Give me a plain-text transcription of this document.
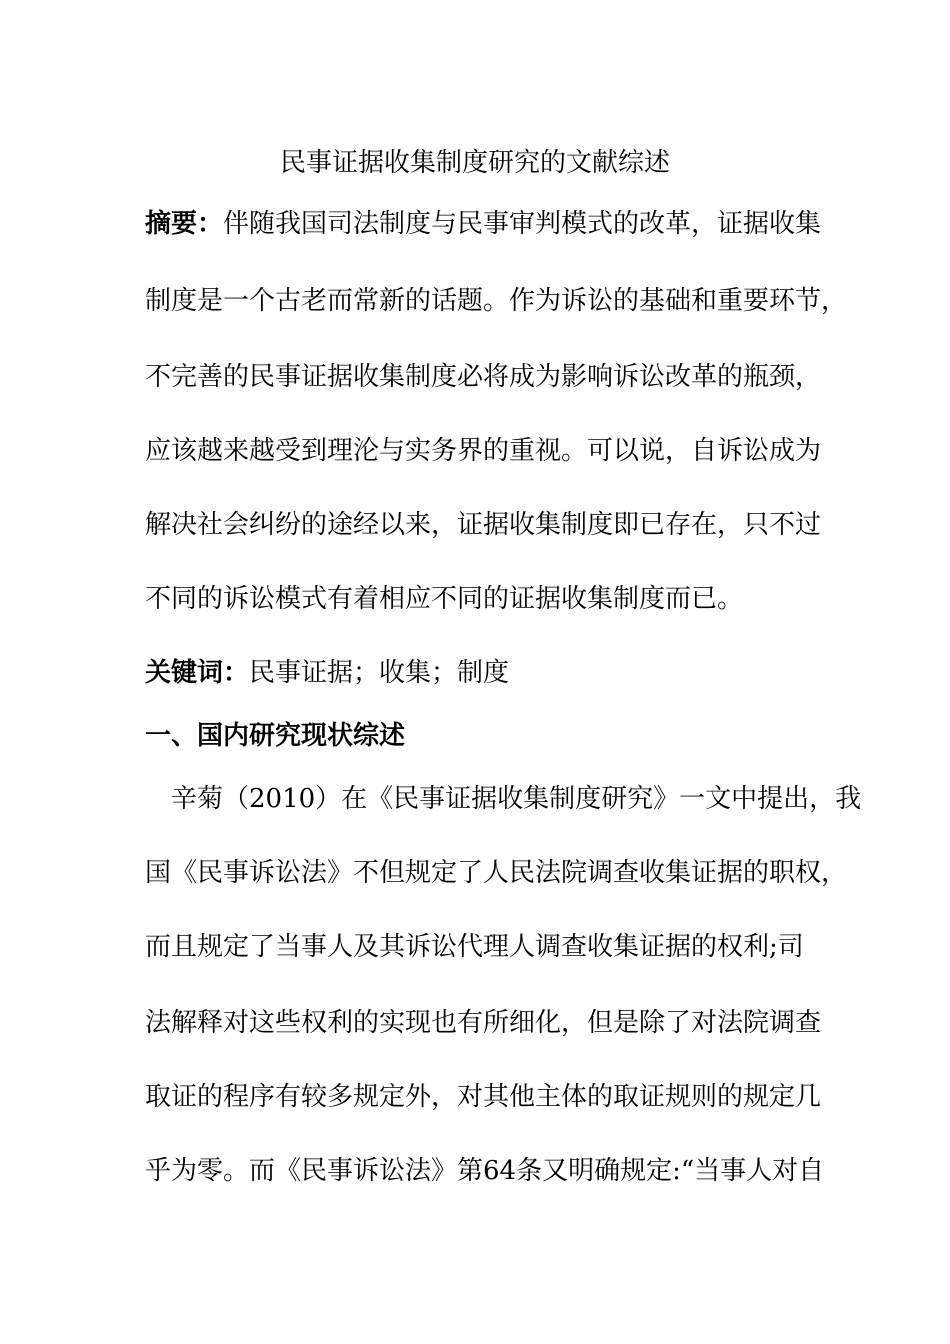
民事证据收集制度研究的文献综述
摘要：伴随我国司法制度与民事审判模式的改革，证据收集
制度是一个古老而常新的话题。作为诉讼的基础和重要环节，
不完善的民事证据收集制度必将成为影响诉讼改革的瓶颈，
应该越来越受到理沦与实务界的重视。可以说，自诉讼成为
解决社会纠纷的途经以来，证据收集制度即已存在，只不过
不同的诉讼模式有着相应不同的证据收集制度而已。
关键词：民事证据；收集；制度
一、国内研究现状综述
　辛菊（2010）在《民事证据收集制度研究》一文中提出，我
国《民事诉讼法》不但规定了人民法院调查收集证据的职权，
而且规定了当事人及其诉讼代理人调查收集证据的权利;司
法解释对这些权利的实现也有所细化，但是除了对法院调查
取证的程序有较多规定外，对其他主体的取证规则的规定几
乎为零。而《民事诉讼法》第64条又明确规定:“当事人对自
